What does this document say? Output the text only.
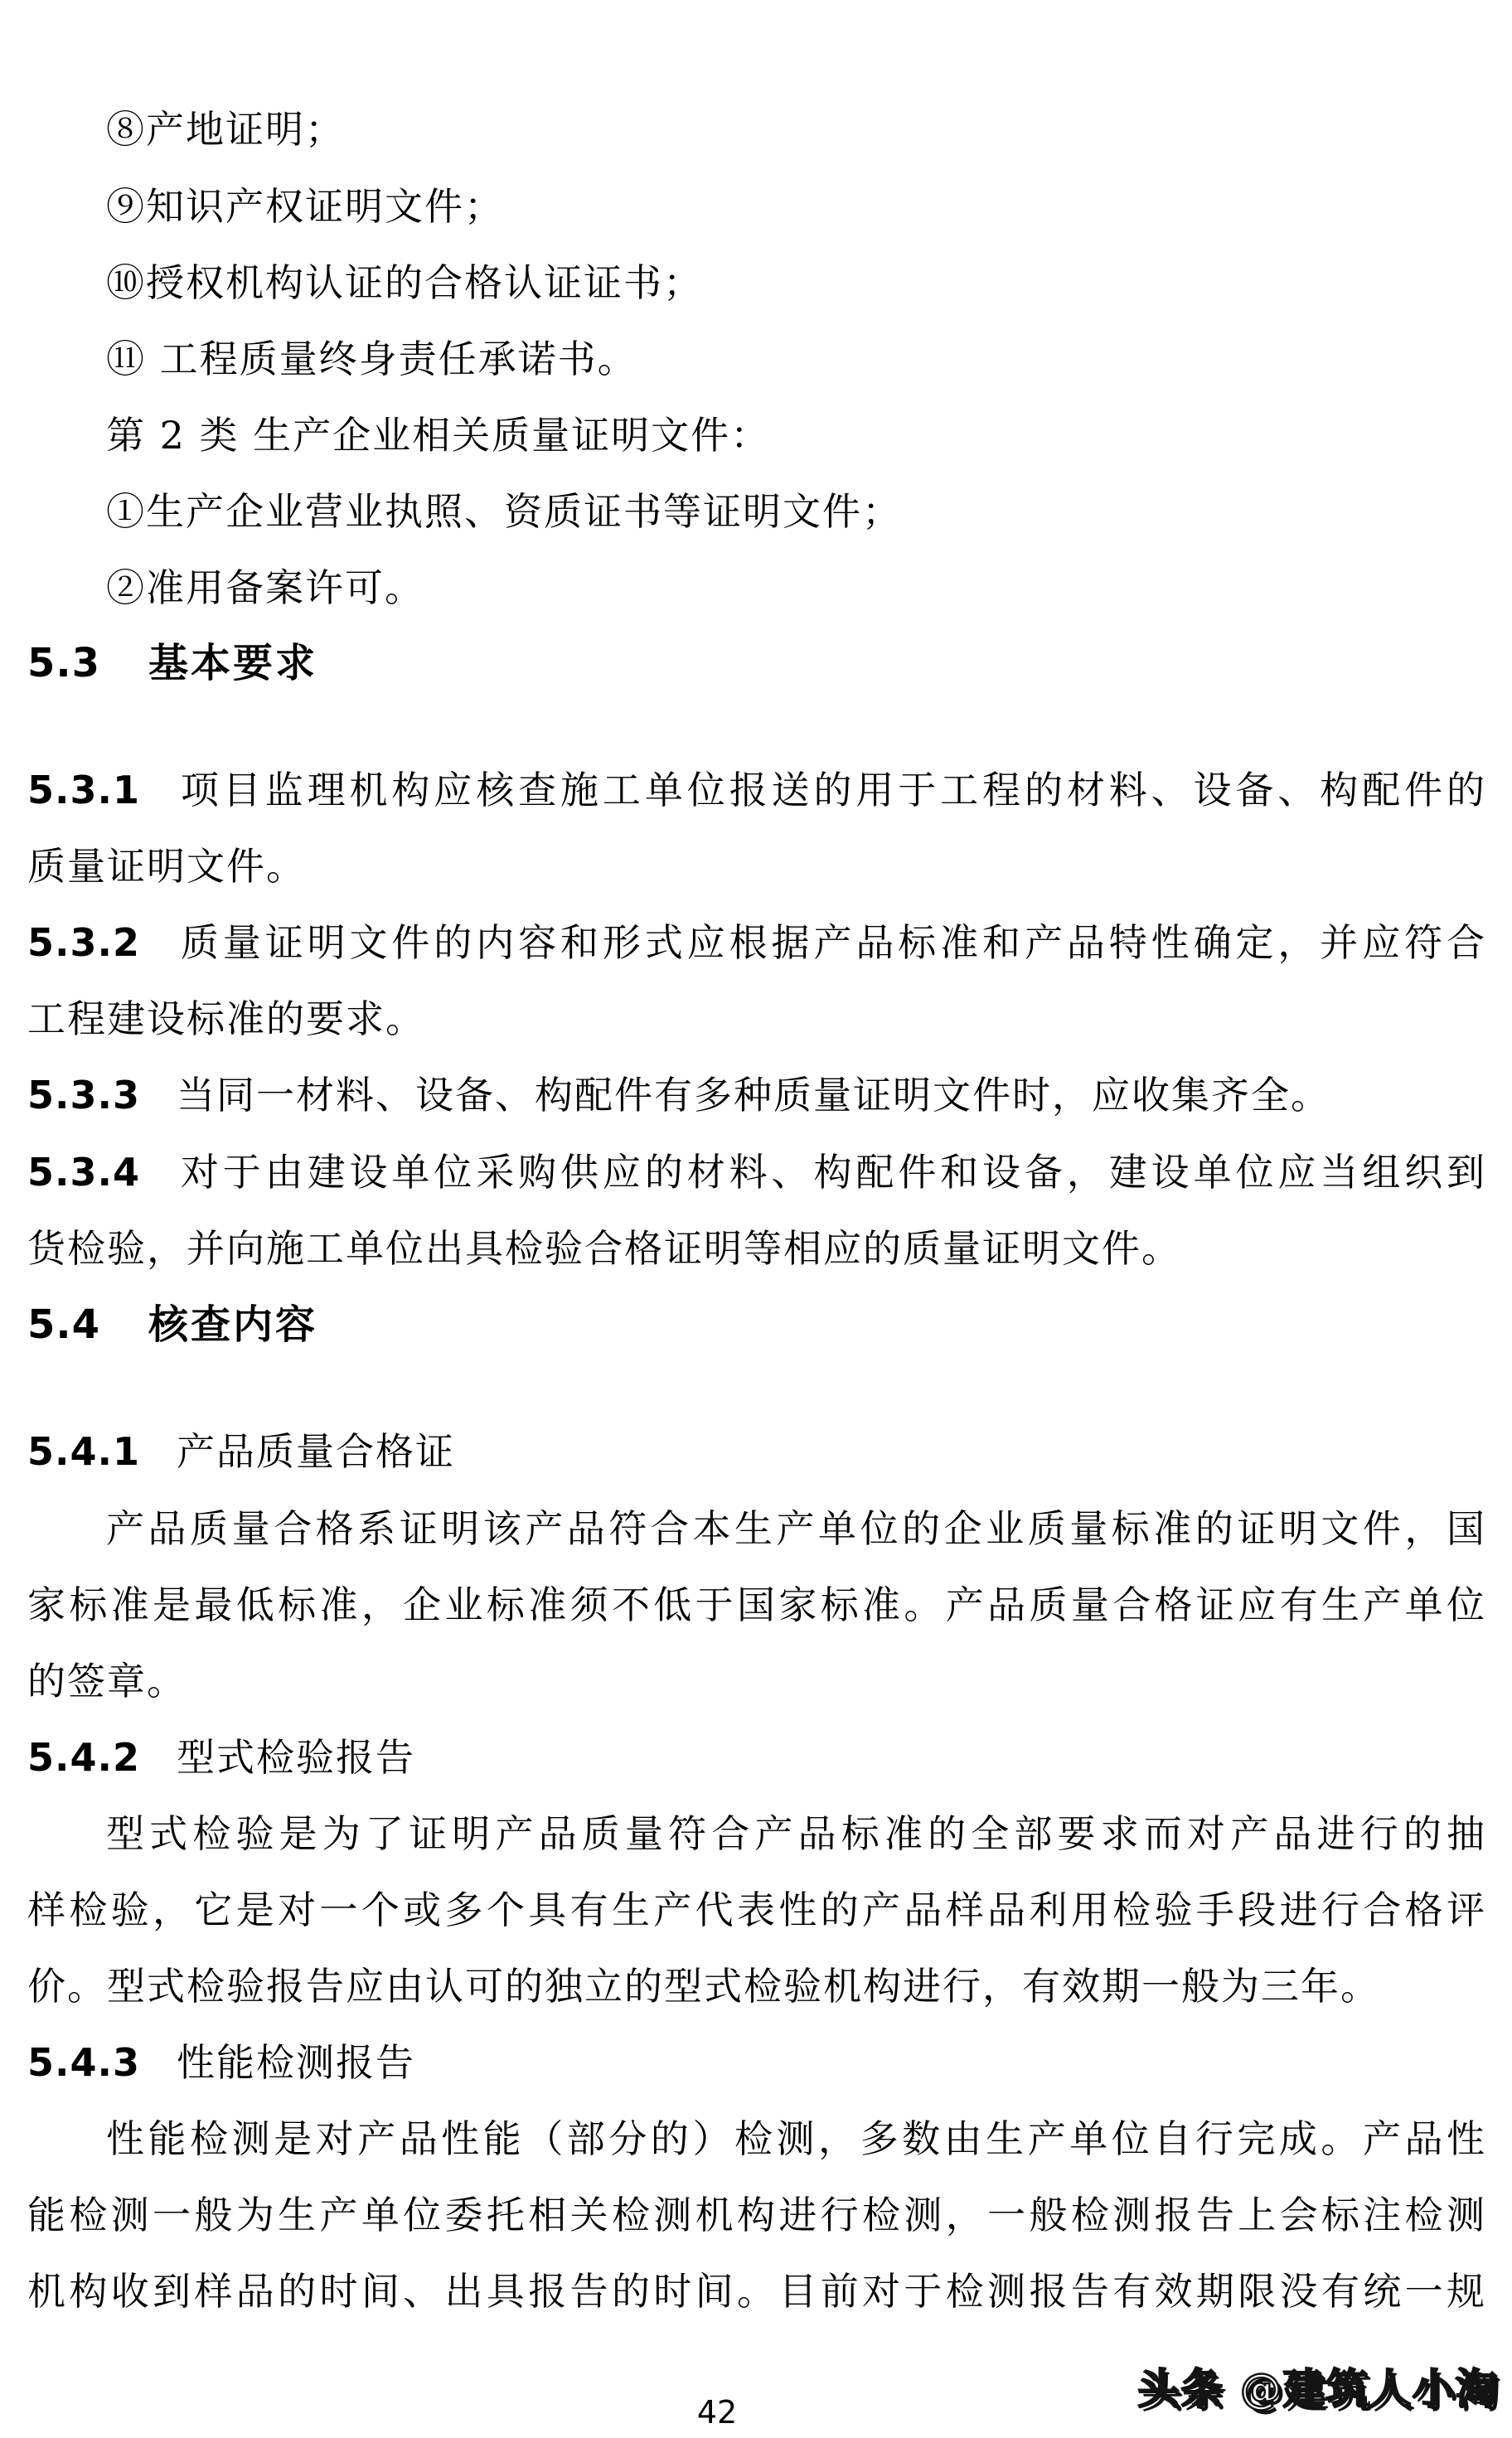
⑧产地证明；
⑨知识产权证明文件；
⑩授权机构认证的合格认证证书；
⑪ 工程质量终身责任承诺书。
第 2 类 生产企业相关质量证明文件：
①生产企业营业执照、资质证书等证明文件；
②准用备案许可。
5.3 基本要求
5.3.1 项目监理机构应核查施工单位报送的用于工程的材料、设备、构配件的
质量证明文件。
5.3.2 质量证明文件的内容和形式应根据产品标准和产品特性确定，并应符合
工程建设标准的要求。
5.3.3 当同一材料、设备、构配件有多种质量证明文件时，应收集齐全。
5.3.4 对于由建设单位采购供应的材料、构配件和设备，建设单位应当组织到
货检验，并向施工单位出具检验合格证明等相应的质量证明文件。
5.4 核查内容
5.4.1 产品质量合格证
产品质量合格系证明该产品符合本生产单位的企业质量标准的证明文件，国
家标准是最低标准，企业标准须不低于国家标准。产品质量合格证应有生产单位
的签章。
5.4.2 型式检验报告
型式检验是为了证明产品质量符合产品标准的全部要求而对产品进行的抽
样检验，它是对一个或多个具有生产代表性的产品样品利用检验手段进行合格评
价。型式检验报告应由认可的独立的型式检验机构进行，有效期一般为三年。
5.4.3 性能检测报告
性能检测是对产品性能（部分的）检测，多数由生产单位自行完成。产品性
能检测一般为生产单位委托相关检测机构进行检测，一般检测报告上会标注检测
机构收到样品的时间、出具报告的时间。目前对于检测报告有效期限没有统一规
42	头条 @建筑人小淘
